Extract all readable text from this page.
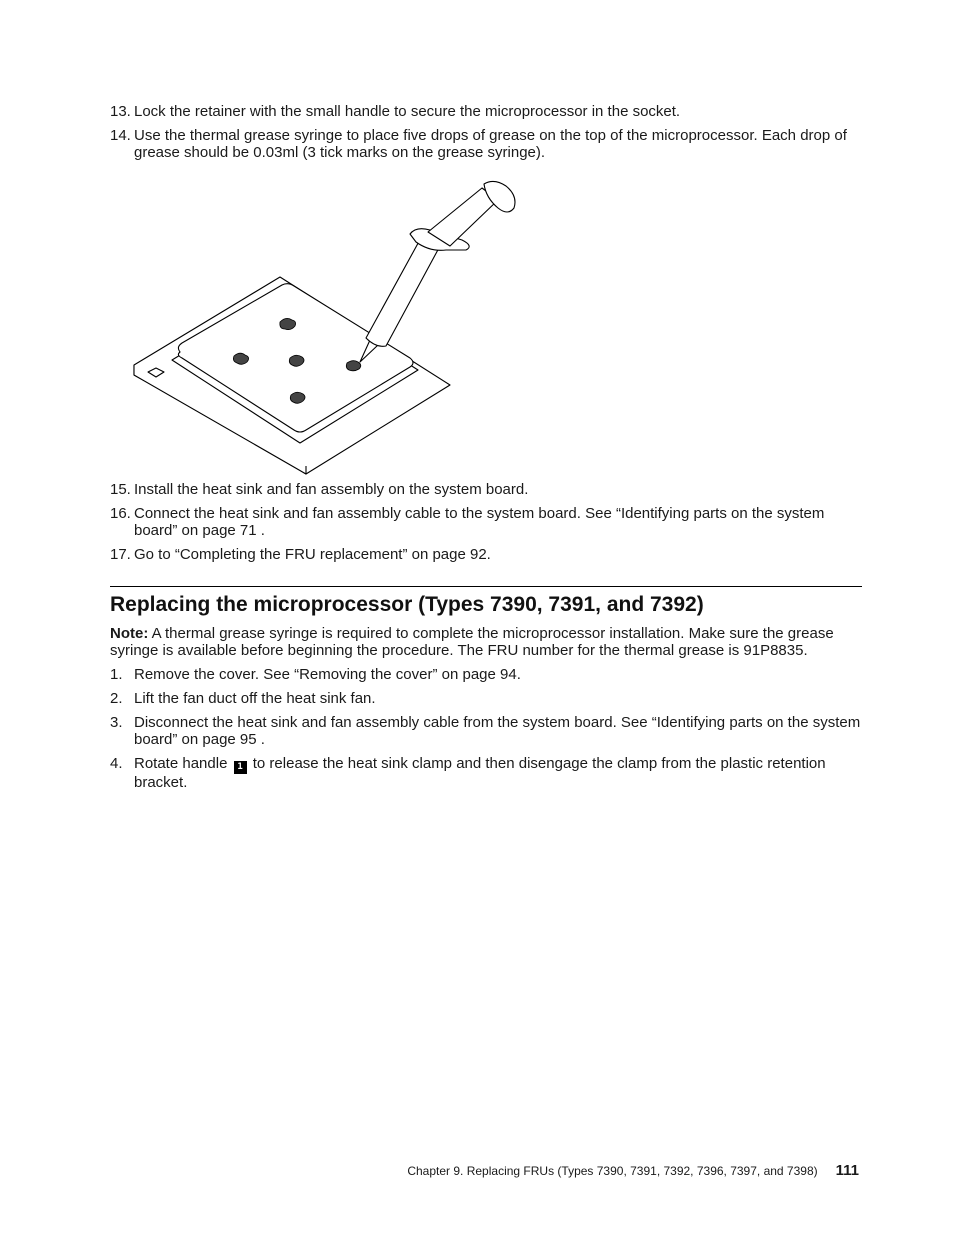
13. Lock the retainer with the small handle to secure the microprocessor in the socket.
14. Use the thermal grease syringe to place five drops of grease on the top of the microprocessor. Each drop of grease should be 0.03ml (3 tick marks on the grease syringe).
15. Install the heat sink and fan assembly on the system board.
16. Connect the heat sink and fan assembly cable to the system board. See “Identifying parts on the system board” on page 71 .
17. Go to “Completing the FRU replacement” on page 92.
Replacing the microprocessor (Types 7390, 7391, and 7392)

Note: A thermal grease syringe is required to complete the microprocessor installation. Make sure the grease syringe is available before beginning the procedure. The FRU number for the thermal grease is 91P8835.

1. Remove the cover. See “Removing the cover” on page 94.
2. Lift the fan duct off the heat sink fan.
3. Disconnect the heat sink and fan assembly cable from the system board. See “Identifying parts on the system board” on page 95 .
4. Rotate handle 1 to release the heat sink clamp and then disengage the clamp from the plastic retention bracket.
Chapter 9. Replacing FRUs (Types 7390, 7391, 7392, 7396, 7397, and 7398) 111
